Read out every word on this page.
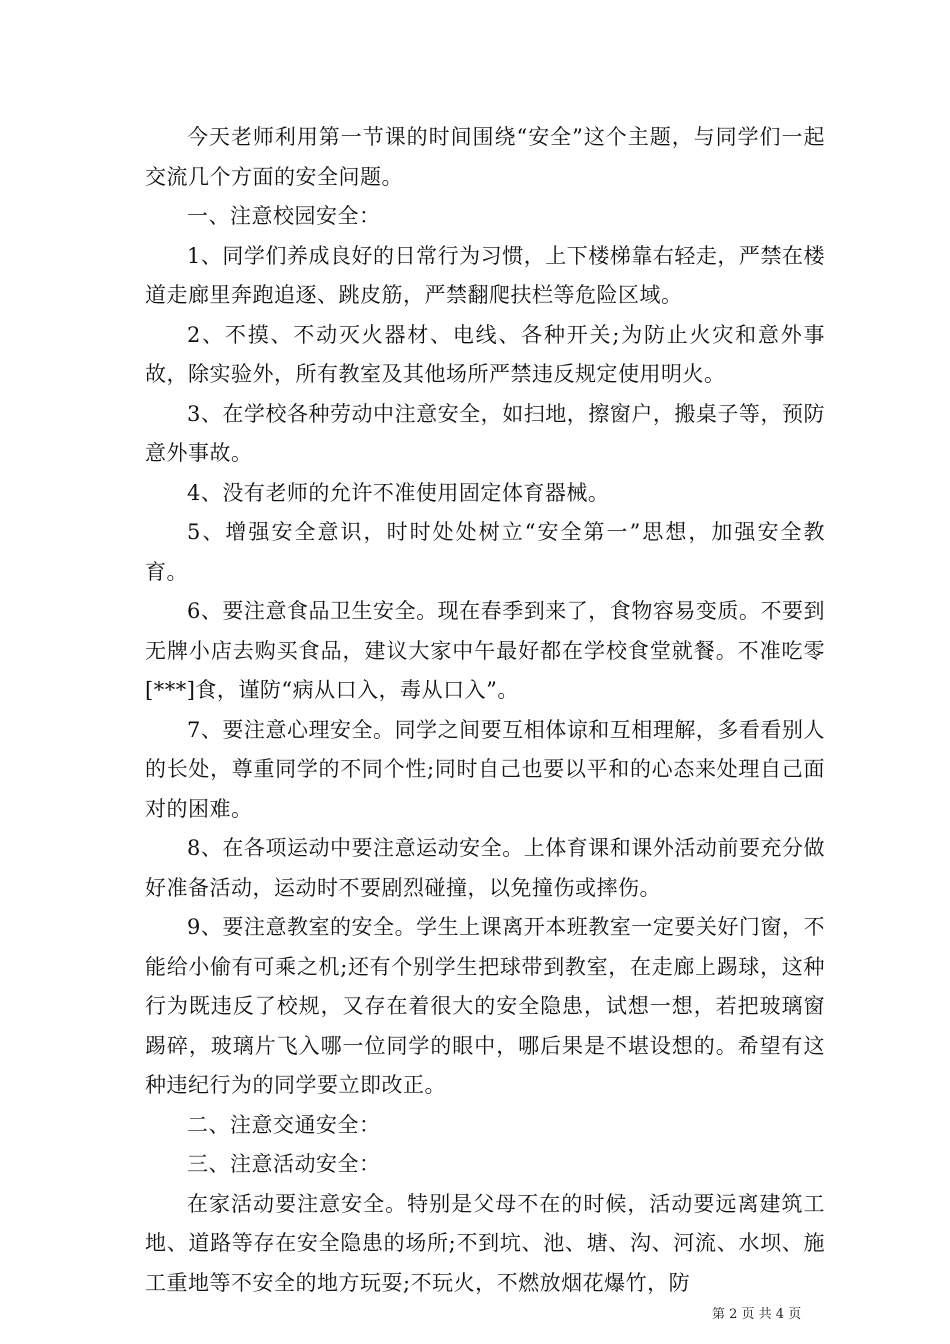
今天老师利用第一节课的时间围绕“安全”这个主题，与同学们一起交流几个方面的安全问题。

一、注意校园安全：

1、同学们养成良好的日常行为习惯，上下楼梯靠右轻走，严禁在楼道走廊里奔跑追逐、跳皮筋，严禁翻爬扶栏等危险区域。

2、不摸、不动灭火器材、电线、各种开关;为防止火灾和意外事故，除实验外，所有教室及其他场所严禁违反规定使用明火。

3、在学校各种劳动中注意安全，如扫地，擦窗户，搬桌子等，预防意外事故。

4、没有老师的允许不准使用固定体育器械。

5、增强安全意识，时时处处树立“安全第一”思想，加强安全教育。

6、要注意食品卫生安全。现在春季到来了，食物容易变质。不要到无牌小店去购买食品，建议大家中午最好都在学校食堂就餐。不准吃零[***]食，谨防“病从口入，毒从口入”。

7、要注意心理安全。同学之间要互相体谅和互相理解，多看看别人的长处，尊重同学的不同个性;同时自己也要以平和的心态来处理自己面对的困难。

8、在各项运动中要注意运动安全。上体育课和课外活动前要充分做好准备活动，运动时不要剧烈碰撞，以免撞伤或摔伤。

9、要注意教室的安全。学生上课离开本班教室一定要关好门窗，不能给小偷有可乘之机;还有个别学生把球带到教室，在走廊上踢球，这种行为既违反了校规，又存在着很大的安全隐患，试想一想，若把玻璃窗踢碎，玻璃片飞入哪一位同学的眼中，哪后果是不堪设想的。希望有这种违纪行为的同学要立即改正。

二、注意交通安全：

三、注意活动安全：

在家活动要注意安全。特别是父母不在的时候，活动要远离建筑工地、道路等存在安全隐患的场所;不到坑、池、塘、沟、河流、水坝、施工重地等不安全的地方玩耍;不玩火，不燃放烟花爆竹，防

第 2 页 共 4 页
